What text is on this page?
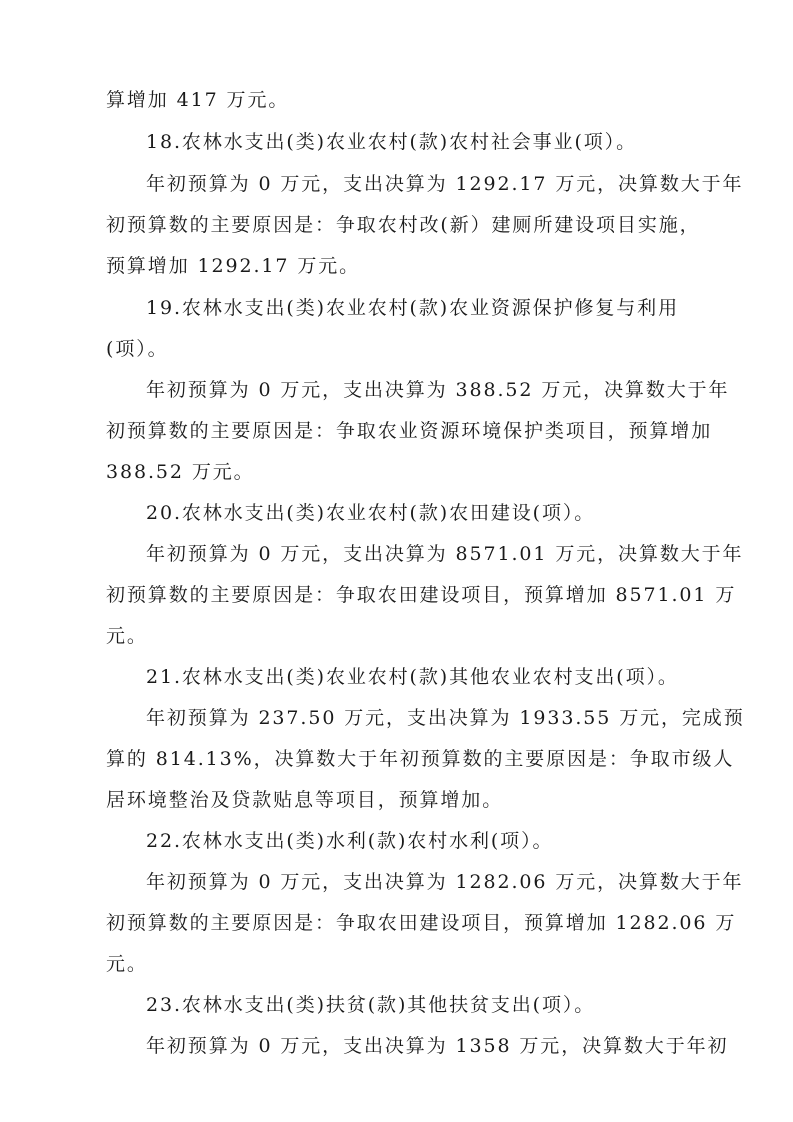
算增加 417 万元。
18.农林水支出(类)农业农村(款)农村社会事业(项）。
年初预算为 0 万元，支出决算为 1292.17 万元，决算数大于年
初预算数的主要原因是：争取农村改(新）建厕所建设项目实施，
预算增加 1292.17 万元。
19.农林水支出(类)农业农村(款)农业资源保护修复与利用
(项）。
年初预算为 0 万元，支出决算为 388.52 万元，决算数大于年
初预算数的主要原因是：争取农业资源环境保护类项目，预算增加
388.52 万元。
20.农林水支出(类)农业农村(款)农田建设(项）。
年初预算为 0 万元，支出决算为 8571.01 万元，决算数大于年
初预算数的主要原因是：争取农田建设项目，预算增加 8571.01 万
元。
21.农林水支出(类)农业农村(款)其他农业农村支出(项）。
年初预算为 237.50 万元，支出决算为 1933.55 万元，完成预
算的 814.13%，决算数大于年初预算数的主要原因是：争取市级人
居环境整治及贷款贴息等项目，预算增加。
22.农林水支出(类)水利(款)农村水利(项）。
年初预算为 0 万元，支出决算为 1282.06 万元，决算数大于年
初预算数的主要原因是：争取农田建设项目，预算增加 1282.06 万
元。
23.农林水支出(类)扶贫(款)其他扶贫支出(项）。
年初预算为 0 万元，支出决算为 1358 万元，决算数大于年初
